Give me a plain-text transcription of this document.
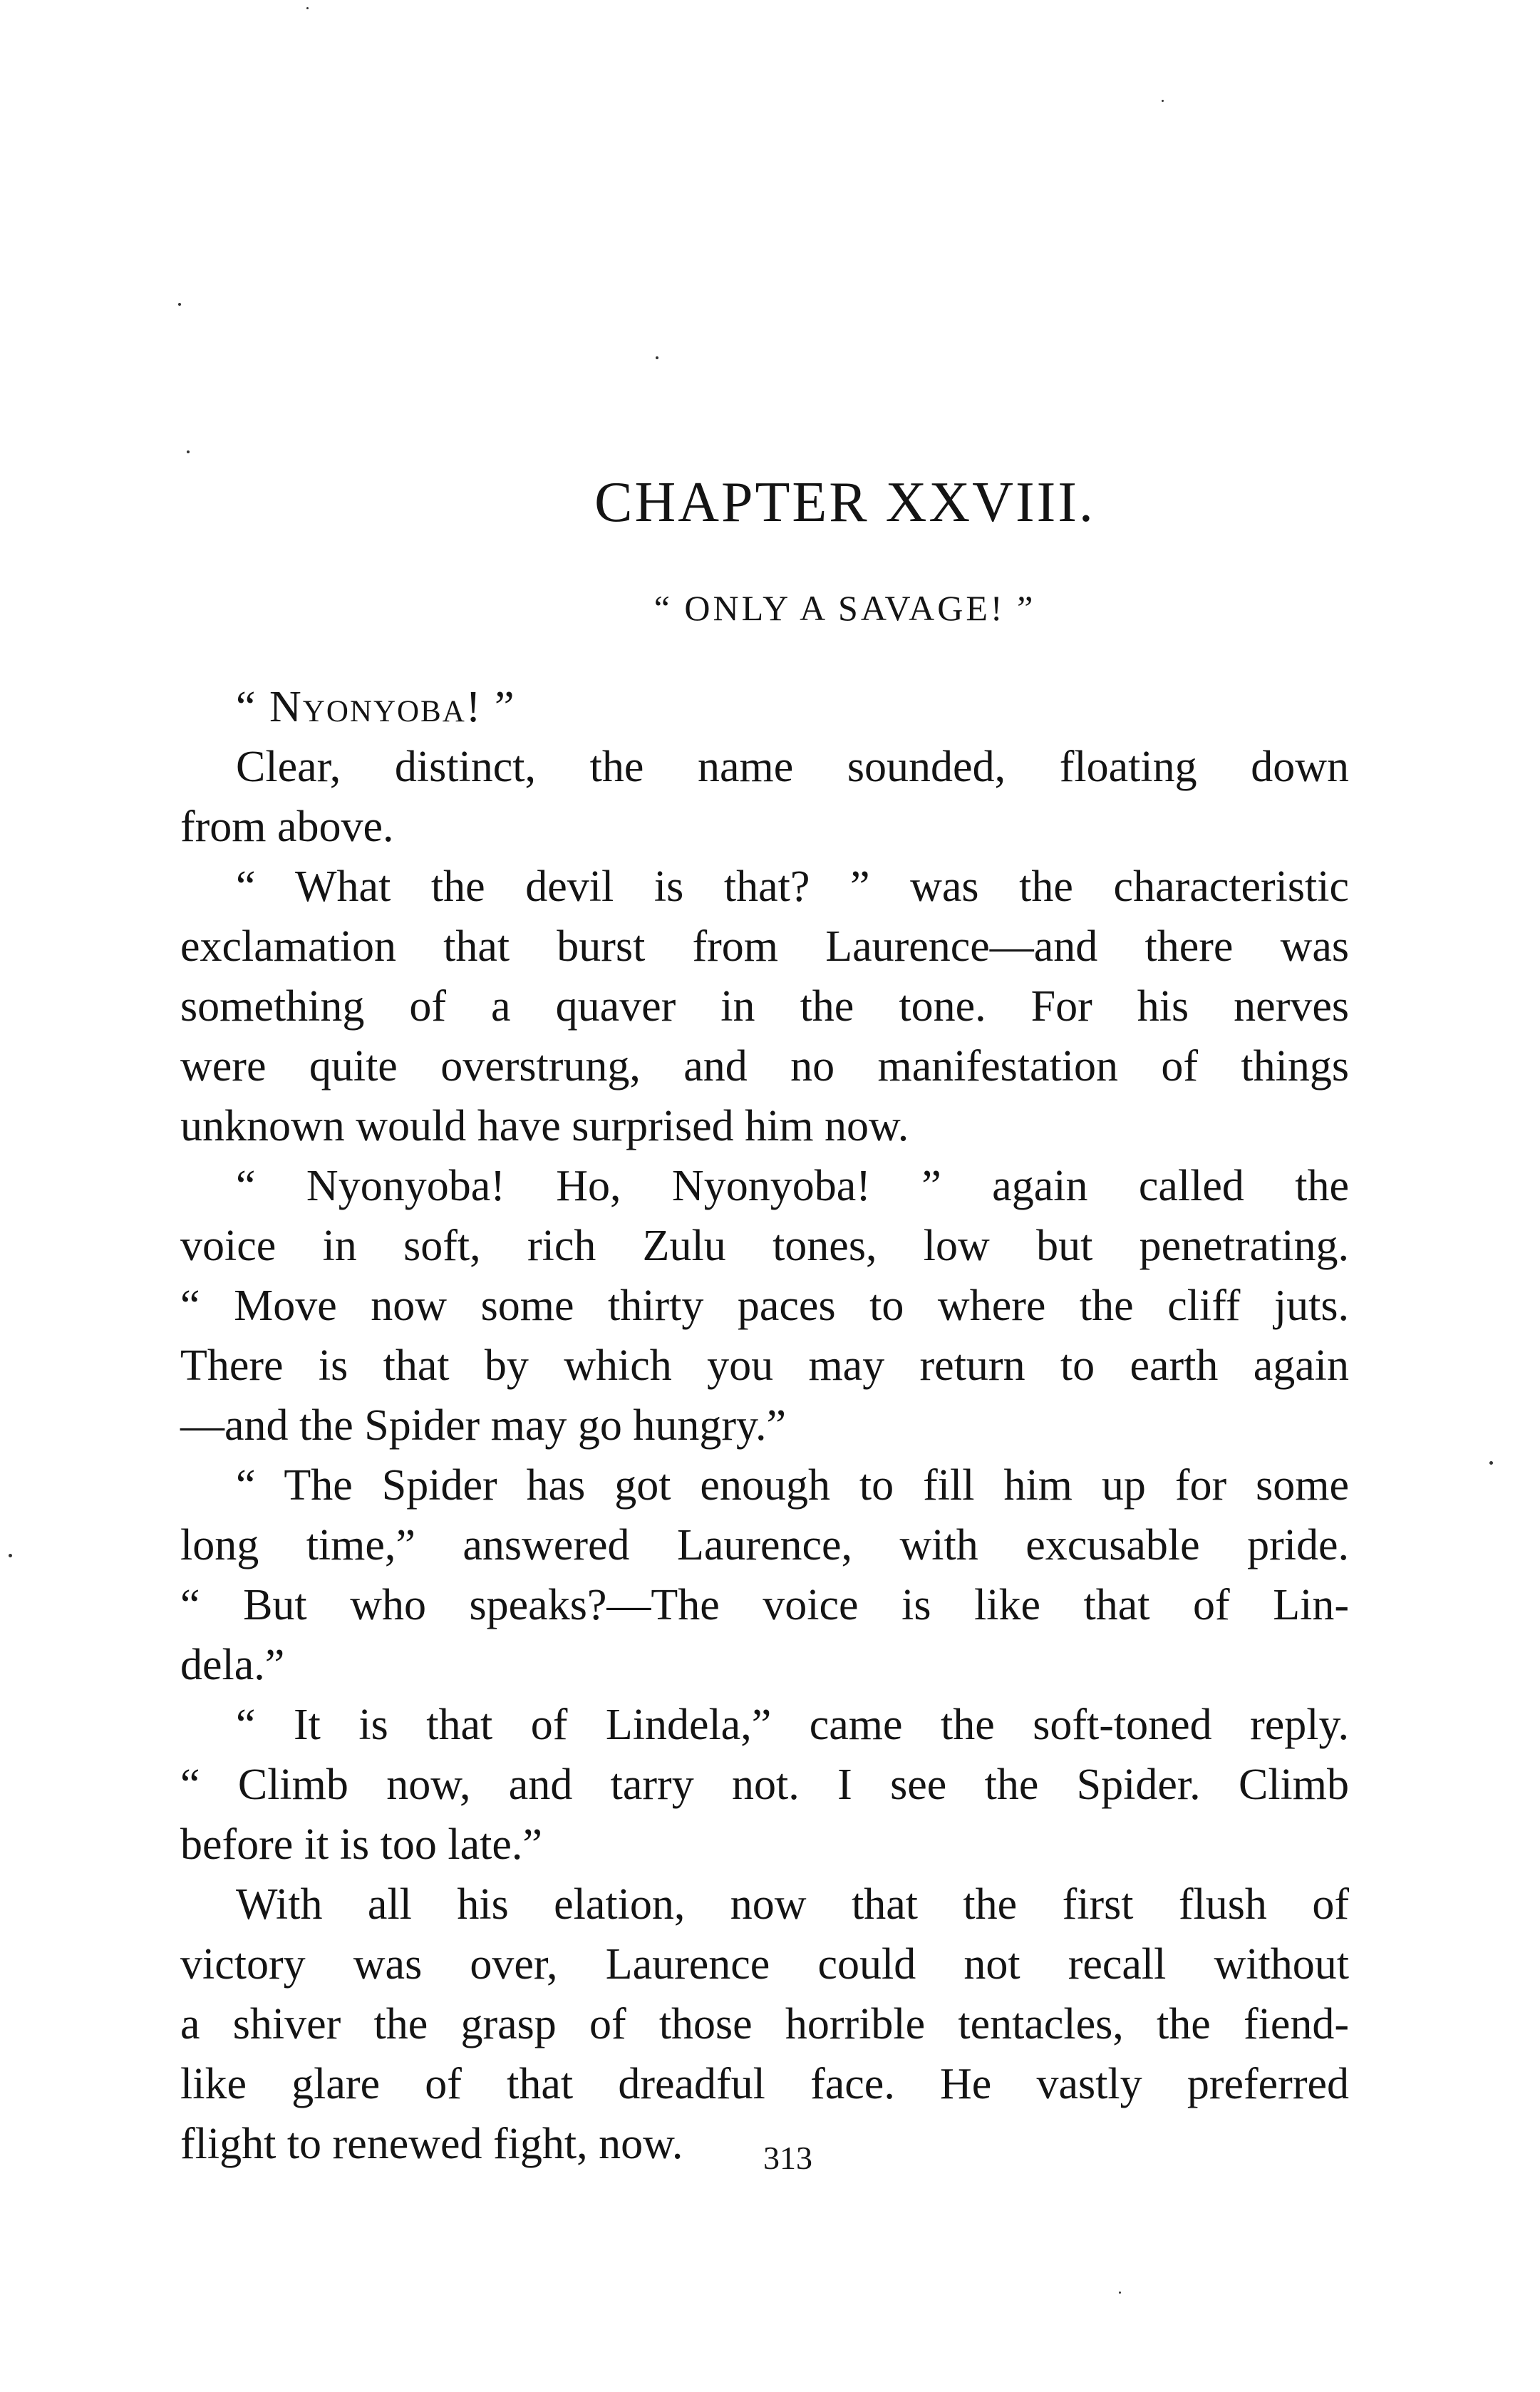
CHAPTER XXVIII.
“ ONLY A SAVAGE! ”
“ Nyonyoba! ”
Clear, distinct, the name sounded, floating down
from above.
“ What the devil is that? ” was the characteristic
exclamation that burst from Laurence—and there was
something of a quaver in the tone. For his nerves
were quite overstrung, and no manifestation of things
unknown would have surprised him now.
“ Nyonyoba! Ho, Nyonyoba! ” again called the
voice in soft, rich Zulu tones, low but penetrating.
“ Move now some thirty paces to where the cliff juts.
There is that by which you may return to earth again
—and the Spider may go hungry.”
“ The Spider has got enough to fill him up for some
long time,” answered Laurence, with excusable pride.
“ But who speaks?—The voice is like that of Lin-
dela.”
“ It is that of Lindela,” came the soft-toned reply.
“ Climb now, and tarry not. I see the Spider. Climb
before it is too late.”
With all his elation, now that the first flush of
victory was over, Laurence could not recall without
a shiver the grasp of those horrible tentacles, the fiend-
like glare of that dreadful face. He vastly preferred
flight to renewed fight, now.	313
